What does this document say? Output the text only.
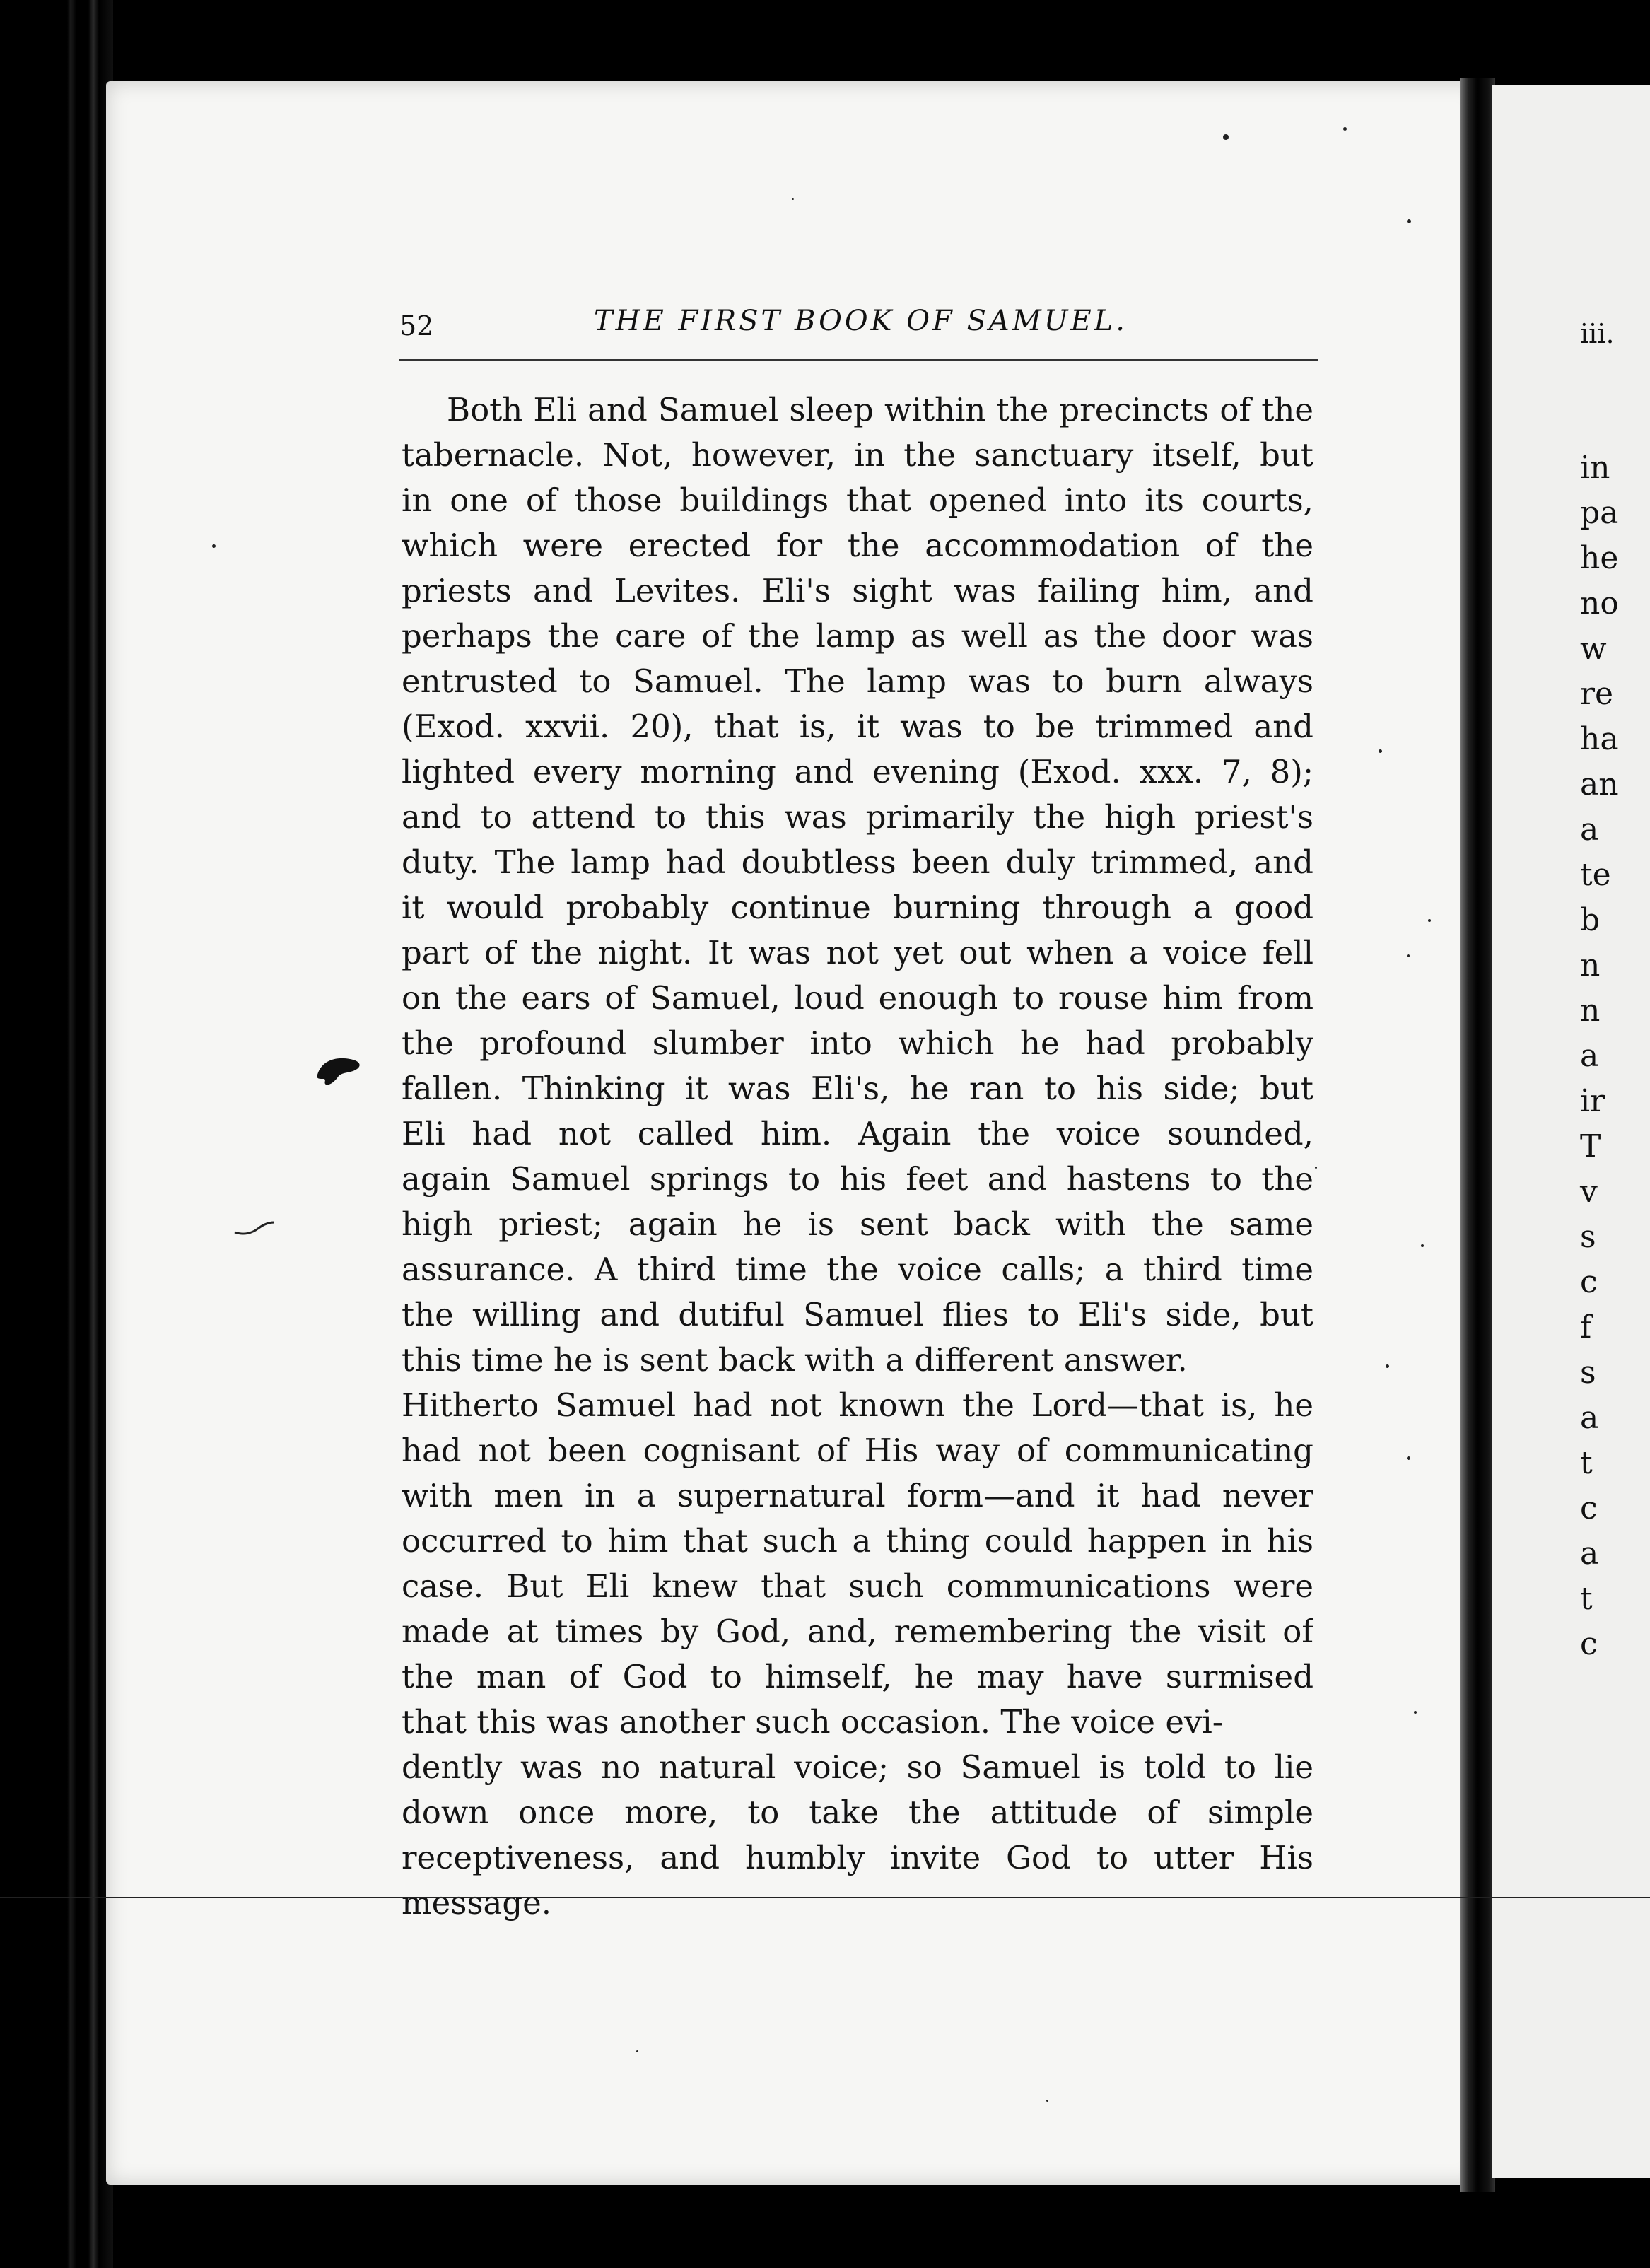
iii.
in
pa
he
no
w
re
ha
an
a
te
b
n
n
a
ir
T
v
s
c
f
s
a
t
c
a
t
c
52	THE FIRST BOOK OF SAMUEL.
Both Eli and Samuel sleep within the precincts of the
tabernacle. Not, however, in the sanctuary itself, but
in one of those buildings that opened into its courts,
which were erected for the accommodation of the
priests and Levites. Eli's sight was failing him, and
perhaps the care of the lamp as well as the door was
entrusted to Samuel. The lamp was to burn always
(Exod. xxvii. 20), that is, it was to be trimmed and
lighted every morning and evening (Exod. xxx. 7, 8);
and to attend to this was primarily the high priest's
duty. The lamp had doubtless been duly trimmed, and
it would probably continue burning through a good
part of the night. It was not yet out when a voice fell
on the ears of Samuel, loud enough to rouse him from
the profound slumber into which he had probably
fallen. Thinking it was Eli's, he ran to his side; but
Eli had not called him. Again the voice sounded,
again Samuel springs to his feet and hastens to the
high priest; again he is sent back with the same
assurance. A third time the voice calls; a third time
the willing and dutiful Samuel flies to Eli's side, but
this time he is sent back with a different answer.
Hitherto Samuel had not known the Lord—that is, he
had not been cognisant of His way of communicating
with men in a supernatural form—and it had never
occurred to him that such a thing could happen in his
case. But Eli knew that such communications were
made at times by God, and, remembering the visit of
the man of God to himself, he may have surmised
that this was another such occasion. The voice evi-
dently was no natural voice; so Samuel is told to lie
down once more, to take the attitude of simple
receptiveness, and humbly invite God to utter His
message.
